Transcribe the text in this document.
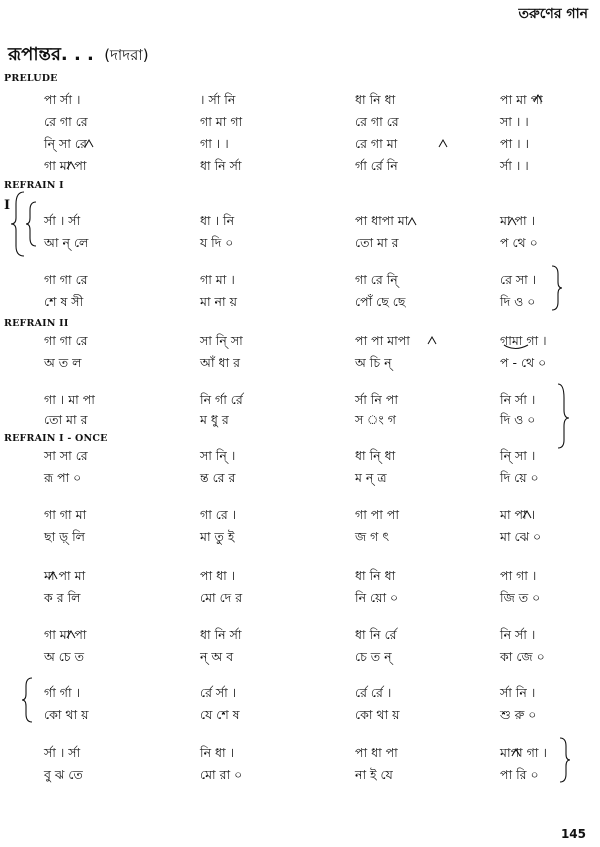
তরুণের গান
রূপান্তর. . . (দাদরা)
PRELUDE
পা র্সা ।	। র্সা নি	ধা নি ধা	পা মা পা
রে গা রে	গা মা গা	রে গা রে	সা । ।
নি্ সা রে	গা । ।	রে গা মা	পা । ।
গা মা পা	ধা নি র্সা	র্গা র্রে নি	র্সা । ।
REFRAIN I
র্সা । র্সা	ধা । নি	পা ধাপা মা	মা পা ।
আ ন্ লে	য দি ০	তো মা র	প থে ০
গা গা রে	গা মা ।	গা রে নি্	রে সা ।
শে ষ সী	মা না য়	পোঁ ছে ছে	দি ও ০
REFRAIN II
গা গা রে	সা নি্ সা	পা পা মাপা	গামা গা ।
অ ত ল	আঁ ধা র	অ চি ন্	প - থে ০
গা । মা পা	নি র্গা র্রে	র্সা নি পা	নি র্সা ।
তো মা র	ম ধু র	স ং গ	দি ও ০
REFRAIN I - ONCE
সা সা রে	সা নি্ ।	ধা নি্ ধা	নি্ সা ।
রূ পা ০	ন্ত রে র	ম ন্ ত্র	দি য়ে ০
গা গা মা	গা রে ।	গা পা পা	মা পা ।
ছা ড়্ লি	মা তু ই	জ গ ৎ	মা ঝে ০
মা পা মা	পা ধা ।	ধা নি ধা	পা গা ।
ক র লি	মো দে র	নি য়ো ০	জি ত ০
গা মা পা	ধা নি র্সা	ধা নি র্রে	নি র্সা ।
অ চে ত	ন্ অ ব	চে ত ন্	কা জে ০
র্গা র্গা ।	র্রে র্সা ।	র্রে র্রে ।	র্সা নি ।
কো থা য়	যে শে ষ	কো থা য়	শু রু ০
র্সা । র্সা	নি ধা ।	পা ধা পা	মাপা গা ।
বু ঝ তে	মো রা ০	না ই যে	পা রি ০
I
145
